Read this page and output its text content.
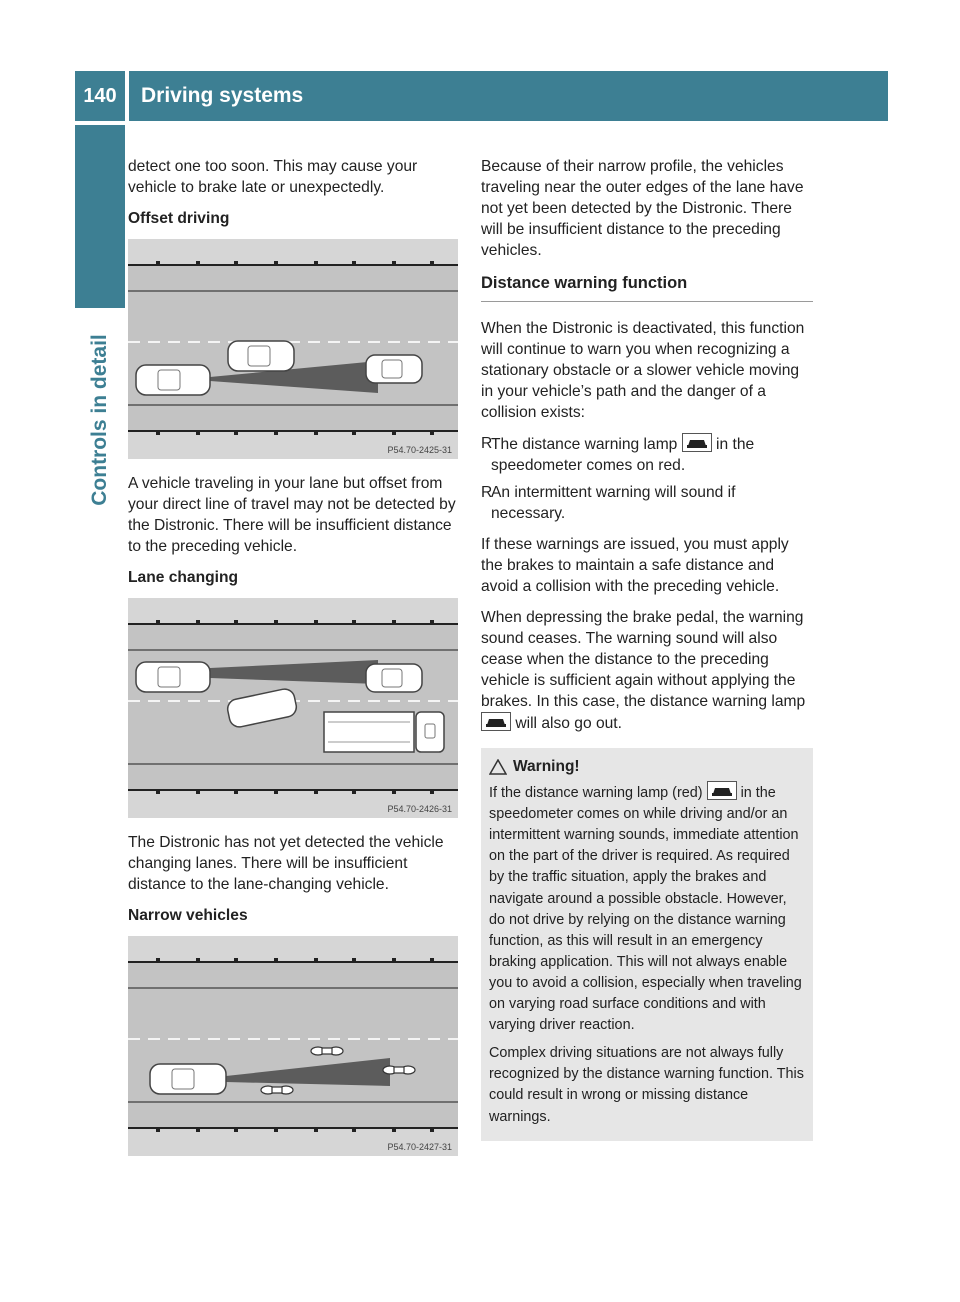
140	Driving systems
Controls in detail

detect one too soon. This may cause your vehicle to brake late or unexpectedly.

Offset driving
P54.70-2425-31

A vehicle traveling in your lane but offset from your direct line of travel may not be detected by the Distronic. There will be insufficient distance to the preceding vehicle.

Lane changing
P54.70-2426-31

The Distronic has not yet detected the vehicle changing lanes. There will be insufficient distance to the lane-changing vehicle.

Narrow vehicles
P54.70-2427-31

Because of their narrow profile, the vehicles traveling near the outer edges of the lane have not yet been detected by the Distronic. There will be insufficient distance to the preceding vehicles.

Distance warning function

When the Distronic is deactivated, this function will continue to warn you when recognizing a stationary obstacle or a slower vehicle moving in your vehicle’s path and the danger of a collision exists:

R
The distance warning lamp in the speedometer comes on red.
R
An intermittent warning will sound if necessary.

If these warnings are issued, you must apply the brakes to maintain a safe distance and avoid a collision with the preceding vehicle.

When depressing the brake pedal, the warning sound ceases. The warning sound will also cease when the distance to the preceding vehicle is sufficient again without applying the brakes. In this case, the distance warning lamp
will also go out.

Warning!

If the distance warning lamp (red)	in the speedometer comes on while driving and/or an intermittent warning sounds, immediate attention on the part of the driver is required. As required by the traffic situation, apply the brakes and navigate around a possible obstacle. However, do not drive by relying on the distance warning function, as this will result in an emergency braking application. This will not always enable you to avoid a collision, especially when traveling on varying road surface conditions and with varying driver reaction.

Complex driving situations are not always fully recognized by the distance warning function. This could result in wrong or missing distance warnings.
